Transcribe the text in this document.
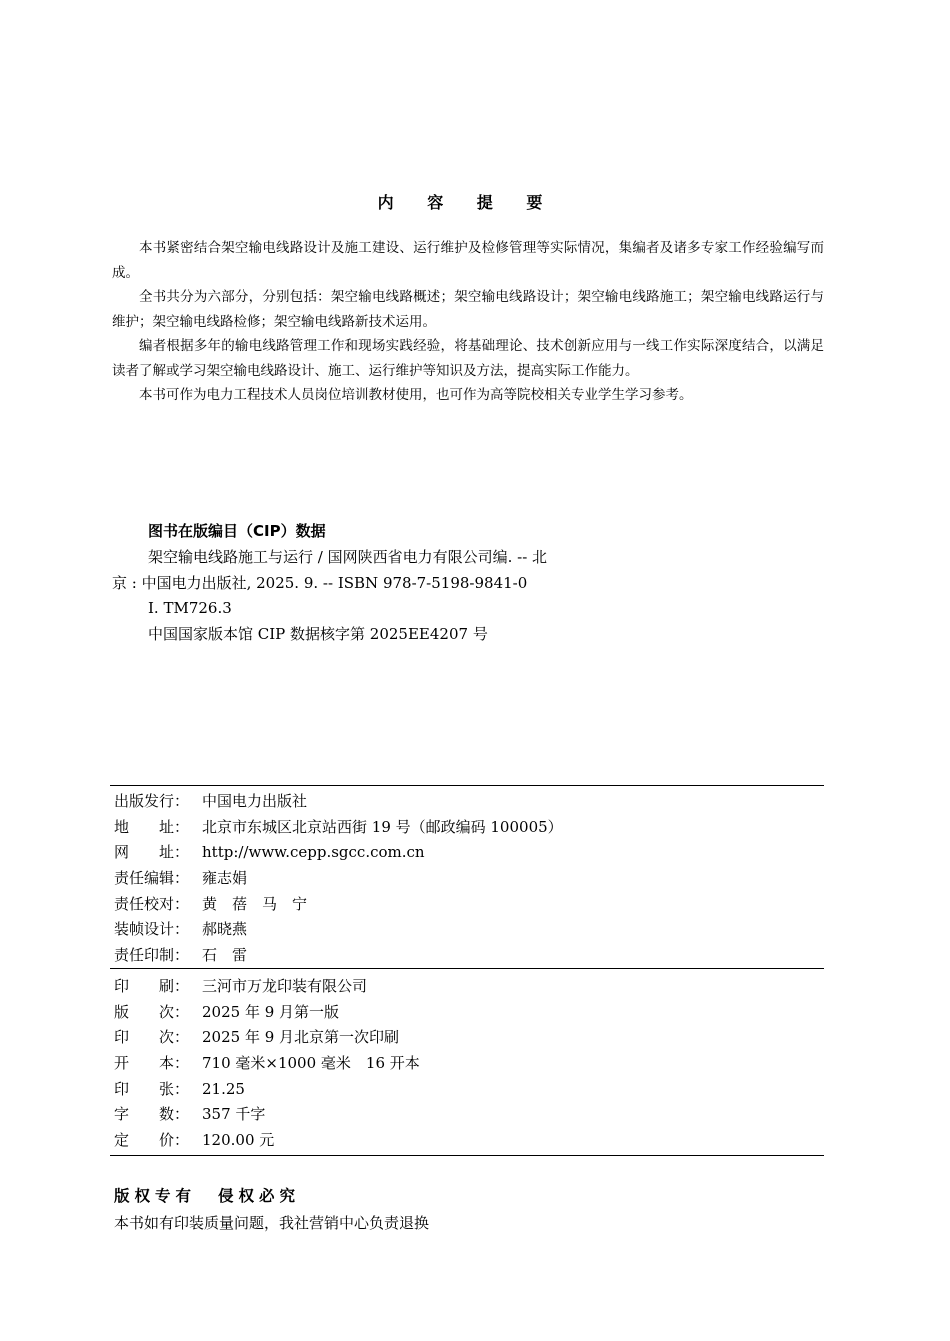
内 容 提 要

本书紧密结合架空输电线路设计及施工建设、运行维护及检修管理等实际情况，集编者及诸多专家工作经验编写而成。

全书共分为六部分，分别包括：架空输电线路概述；架空输电线路设计；架空输电线路施工；架空输电线路运行与维护；架空输电线路检修；架空输电线路新技术运用。

编者根据多年的输电线路管理工作和现场实践经验，将基础理论、技术创新应用与一线工作实际深度结合，以满足读者了解或学习架空输电线路设计、施工、运行维护等知识及方法，提高实际工作能力。

本书可作为电力工程技术人员岗位培训教材使用，也可作为高等院校相关专业学生学习参考。

图书在版编目（CIP）数据
架空输电线路施工与运行 / 国网陕西省电力有限公司编. -- 北京 : 中国电力出版社, 2025. 9. -- ISBN 978-7-5198-9841-0
Ⅰ. TM726.3
中国国家版本馆 CIP 数据核字第 2025EE4207 号
出版发行： 中国电力出版社
地　　址： 北京市东城区北京站西街 19 号（邮政编码 100005）
网　　址： http://www.cepp.sgcc.com.cn
责任编辑： 雍志娟
责任校对： 黄　蓓　马　宁
装帧设计： 郝晓燕
责任印制： 石　雷
印　　刷： 三河市万龙印装有限公司
版　　次： 2025 年 9 月第一版
印　　次： 2025 年 9 月北京第一次印刷
开　　本： 710 毫米×1000 毫米　16 开本
印　　张： 21.25
字　　数： 357 千字
定　　价： 120.00 元
版权专有 侵权必究
本书如有印装质量问题，我社营销中心负责退换
